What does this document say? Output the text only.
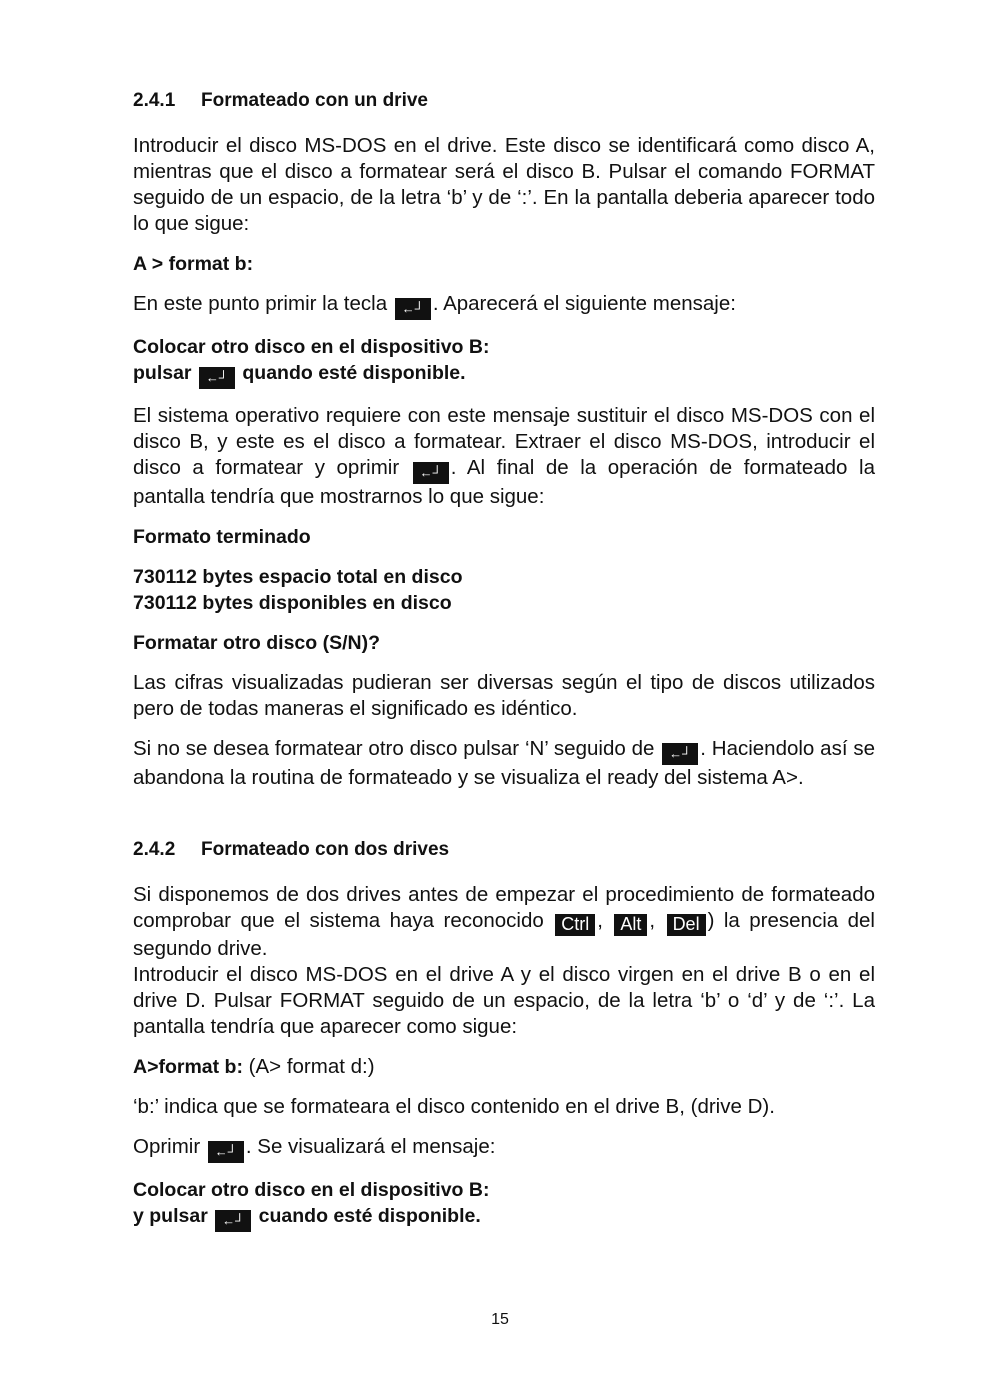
2.4.1	Formateado con un drive

Introducir el disco MS-DOS en el drive. Este disco se identificará como disco A, mientras que el disco a formatear será el disco B. Pulsar el comando FORMAT seguido de un espacio, de la letra ‘b’ y de ‘:’. En la pantalla deberia aparecer todo lo que sigue:

A > format b:

En este punto primir la tecla ←┘ . Aparecerá el siguiente mensaje:

Colocar otro disco en el dispositivo B:

pulsar ←┘ quando esté disponible.

El sistema operativo requiere con este mensaje sustituir el disco MS-DOS con el disco B, y este es el disco a formatear. Extraer el disco MS-DOS, introducir el disco a formatear y oprimir ←┘ . Al final de la operación de formateado la pantalla tendría que mostrarnos lo que sigue:

Formato terminado

730112 bytes espacio total en disco

730112 bytes disponibles en disco

Formatar otro disco (S/N)?

Las cifras visualizadas pudieran ser diversas según el tipo de discos utilizados pero de todas maneras el significado es idéntico.

Si no se desea formatear otro disco pulsar ‘N’ seguido de ←┘ . Haciendolo así se abandona la routina de formateado y se visualiza el ready del sistema A>.

2.4.2	Formateado con dos drives

Si disponemos de dos drives antes de empezar el procedimiento de formateado comprobar que el sistema haya reconocido Ctrl , Alt , Del ) la presencia del segundo drive.

Introducir el disco MS-DOS en el drive A y el disco virgen en el drive B o en el drive D. Pulsar FORMAT seguido de un espacio, de la letra ‘b’ o ‘d’ y de ‘:’. La pantalla tendría que aparecer como sigue:

A>format b: (A> format d:)

‘b:’ indica que se formateara el disco contenido en el drive B, (drive D).

Oprimir ←┘ . Se visualizará el mensaje:

Colocar otro disco en el dispositivo B:

y pulsar ←┘ cuando esté disponible.

15
